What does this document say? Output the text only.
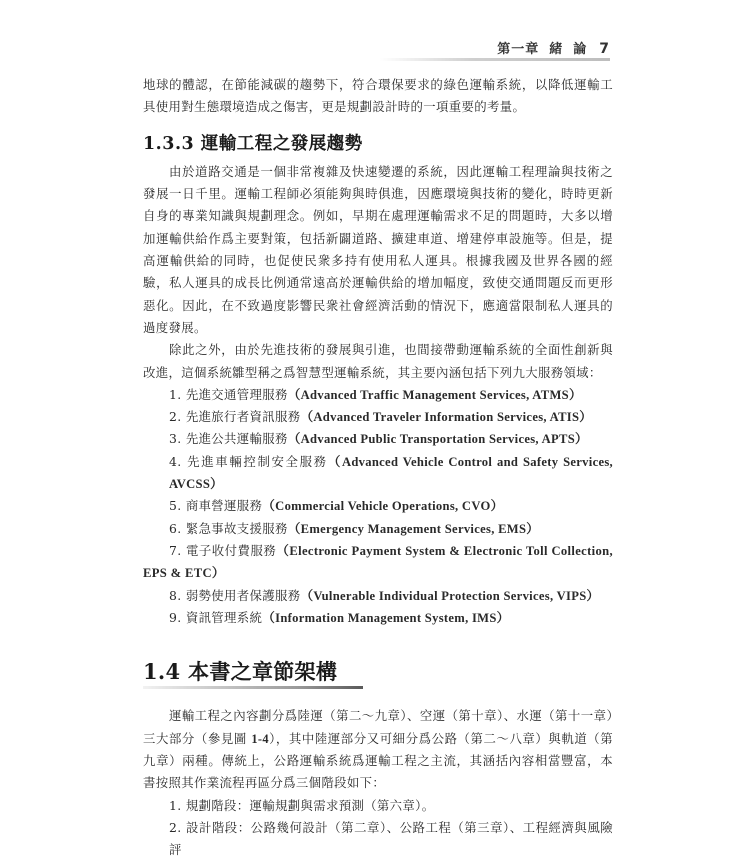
第一章 緒 論 7

地球的體認，在節能減碳的趨勢下，符合環保要求的綠色運輸系統，以降低運輸工具使用對生態環境造成之傷害，更是規劃設計時的一項重要的考量。

1.3.3 運輸工程之發展趨勢

由於道路交通是一個非常複雜及快速變遷的系統，因此運輸工程理論與技術之發展一日千里。運輸工程師必須能夠與時俱進，因應環境與技術的變化，時時更新自身的專業知識與規劃理念。例如，早期在處理運輸需求不足的問題時，大多以增加運輸供給作爲主要對策，包括新闢道路、擴建車道、增建停車設施等。但是，提高運輸供給的同時，也促使民衆多持有使用私人運具。根據我國及世界各國的經驗，私人運具的成長比例通常遠高於運輸供給的增加幅度，致使交通問題反而更形惡化。因此，在不致過度影響民衆社會經濟活動的情況下，應適當限制私人運具的過度發展。

除此之外，由於先進技術的發展與引進，也間接帶動運輸系統的全面性創新與改進，這個系統雛型稱之爲智慧型運輸系統，其主要內涵包括下列九大服務領域：

1. 先進交通管理服務（Advanced Traffic Management Services, ATMS）
2. 先進旅行者資訊服務（Advanced Traveler Information Services, ATIS）
3. 先進公共運輸服務（Advanced Public Transportation Services, APTS）
4. 先進車輛控制安全服務（Advanced Vehicle Control and Safety Services, AVCSS）
5. 商車營運服務（Commercial Vehicle Operations, CVO）
6. 緊急事故支援服務（Emergency Management Services, EMS）
7. 電子收付費服務（Electronic Payment System & Electronic Toll Collection, EPS & ETC）
8. 弱勢使用者保護服務（Vulnerable Individual Protection Services, VIPS）
9. 資訊管理系統（Information Management System, IMS）
1.4 本書之章節架構

運輸工程之內容劃分爲陸運（第二～九章）、空運（第十章）、水運（第十一章）三大部分（參見圖 1-4），其中陸運部分又可細分爲公路（第二～八章）與軌道（第九章）兩種。傳統上，公路運輸系統爲運輸工程之主流，其涵括內容相當豐富，本書按照其作業流程再區分爲三個階段如下：

1. 規劃階段：運輸規劃與需求預測（第六章）。
2. 設計階段：公路幾何設計（第二章）、公路工程（第三章）、工程經濟與風險評
